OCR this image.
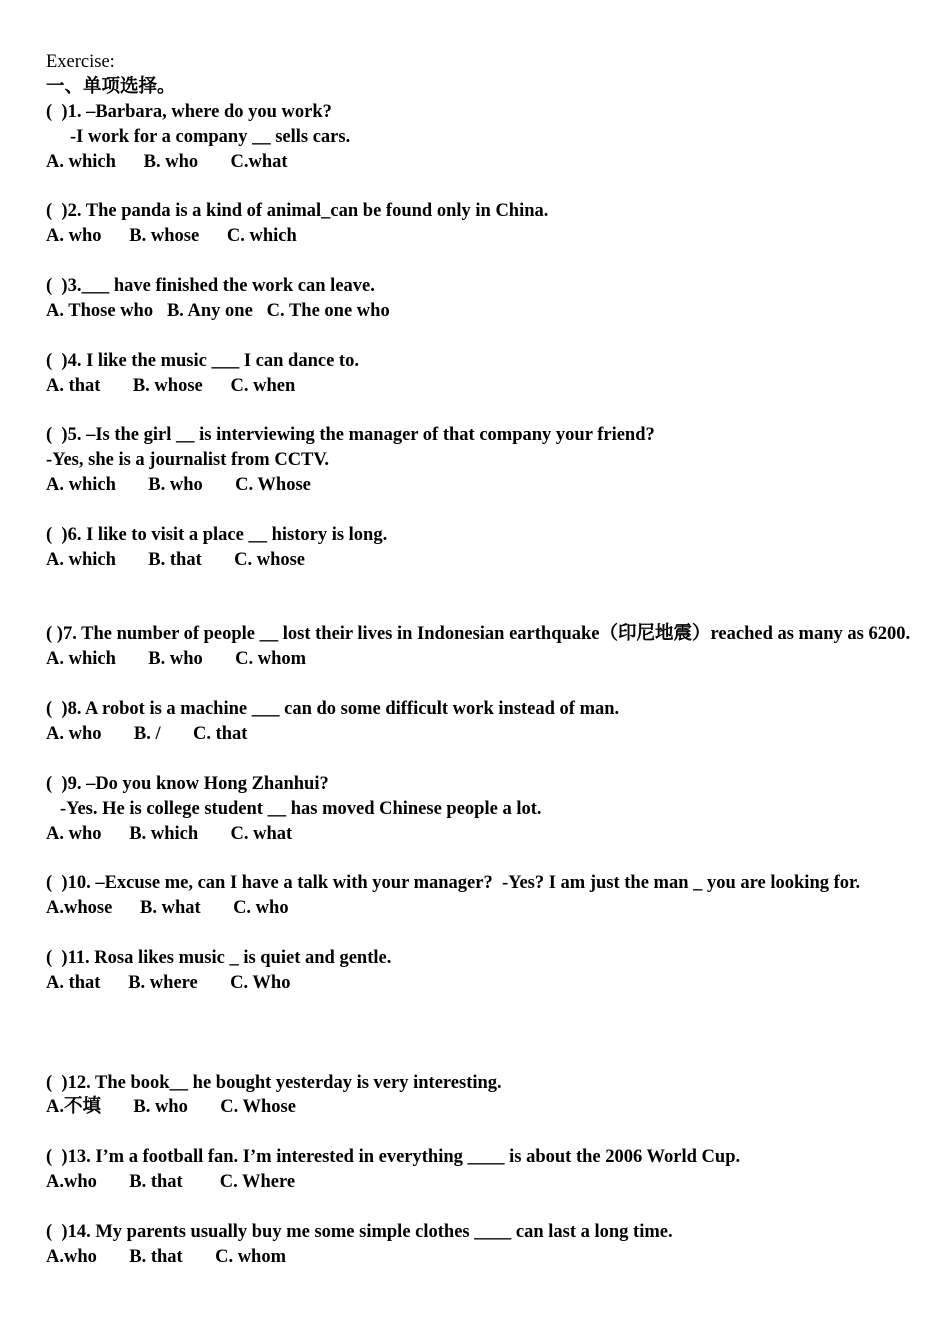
Exercise:
一、单项选择。
(  )1. –Barbara, where do you work?
-I work for a company __ sells cars.
A. which      B. who       C.what
(  )2. The panda is a kind of animal_can be found only in China.
A. who      B. whose      C. which
(  )3.___ have finished the work can leave.
A. Those who   B. Any one   C. The one who
(  )4. I like the music ___ I can dance to.
A. that       B. whose      C. when
(  )5. –Is the girl __ is interviewing the manager of that company your friend?
-Yes, she is a journalist from CCTV.
A. which       B. who       C. Whose
(  )6. I like to visit a place __ history is long.
A. which       B. that       C. whose
( )7. The number of people __ lost their lives in Indonesian earthquake（印尼地震）reached as many as 6200.
A. which       B. who       C. whom
(  )8. A robot is a machine ___ can do some difficult work instead of man.
A. who       B. /       C. that
(  )9. –Do you know Hong Zhanhui?
-Yes. He is college student __ has moved Chinese people a lot.
A. who      B. which       C. what
(  )10. –Excuse me, can I have a talk with your manager?  -Yes? I am just the man _ you are looking for.
A.whose      B. what       C. who
(  )11. Rosa likes music _ is quiet and gentle.
A. that      B. where       C. Who
(  )12. The book__ he bought yesterday is very interesting.
A.不填       B. who       C. Whose
(  )13. I’m a football fan. I’m interested in everything ____ is about the 2006 World Cup.
A.who       B. that        C. Where
(  )14. My parents usually buy me some simple clothes ____ can last a long time.
A.who       B. that       C. whom
